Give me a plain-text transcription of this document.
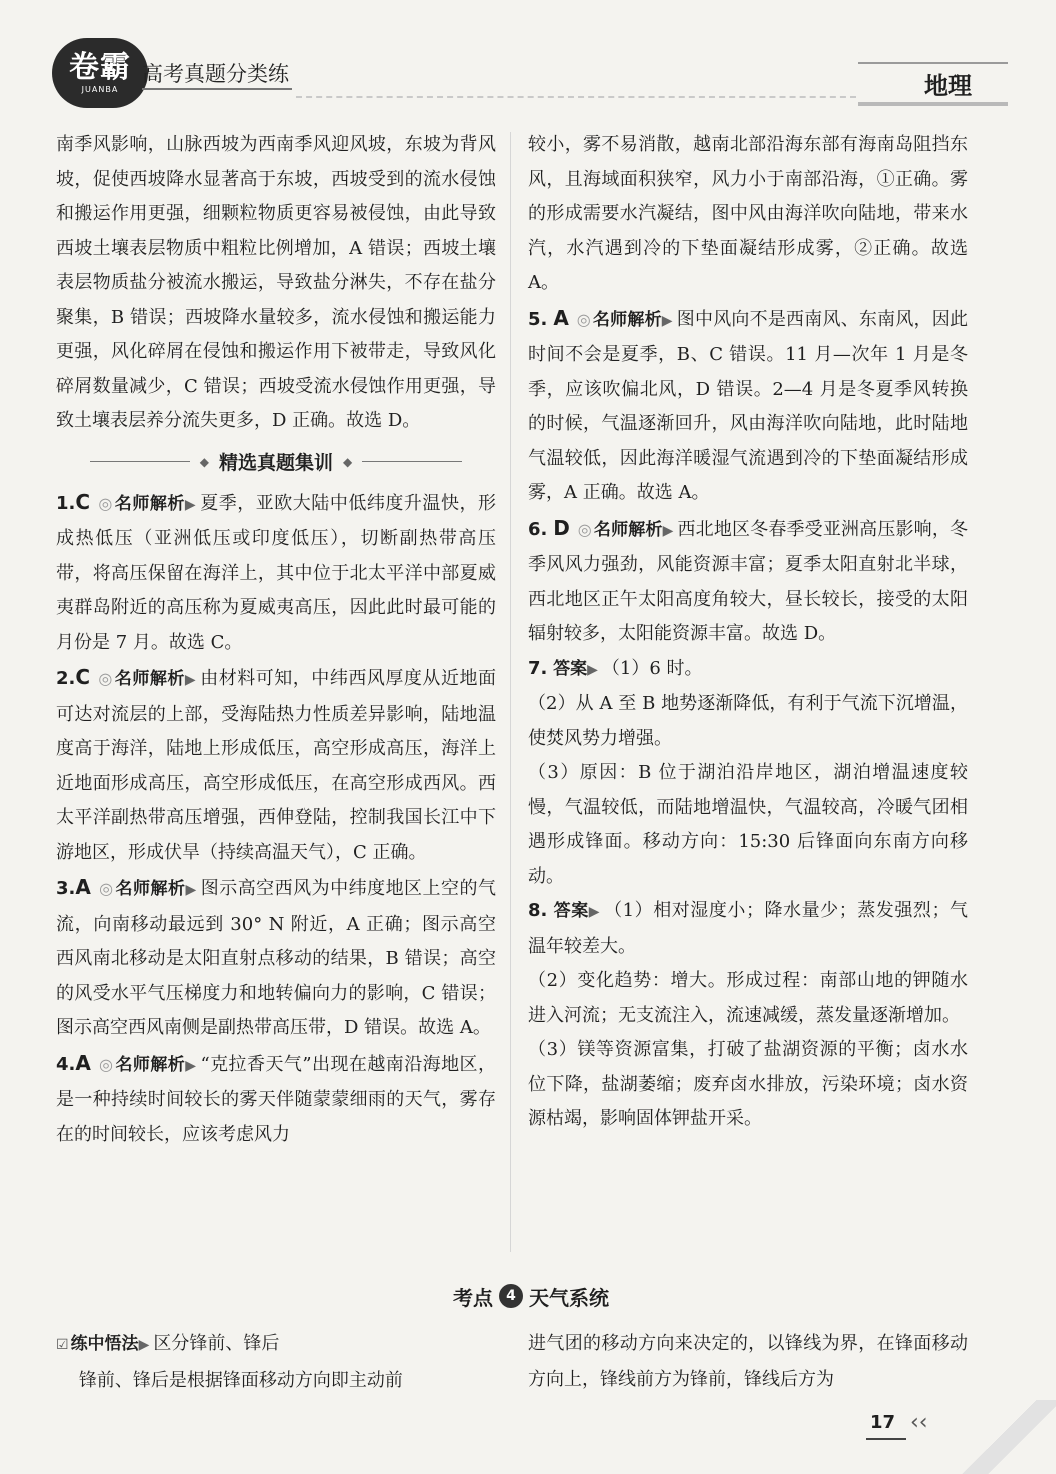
卷霸
JUANBA
高考真题分类练	地理

南季风影响，山脉西坡为西南季风迎风坡，东坡为背风坡，促使西坡降水显著高于东坡，西坡受到的流水侵蚀和搬运作用更强，细颗粒物质更容易被侵蚀，由此导致西坡土壤表层物质中粗粒比例增加，A 错误；西坡土壤表层物质盐分被流水搬运，导致盐分淋失，不存在盐分聚集，B 错误；西坡降水量较多，流水侵蚀和搬运能力更强，风化碎屑在侵蚀和搬运作用下被带走，导致风化碎屑数量减少，C 错误；西坡受流水侵蚀作用更强，导致土壤表层养分流失更多，D 正确。故选 D。

◆ 精选真题集训 ◆

1.C ◎ 名师解析▶ 夏季，亚欧大陆中低纬度升温快，形成热低压（亚洲低压或印度低压），切断副热带高压带，将高压保留在海洋上，其中位于北太平洋中部夏威夷群岛附近的高压称为夏威夷高压，因此此时最可能的月份是 7 月。故选 C。

2.C ◎ 名师解析▶ 由材料可知，中纬西风厚度从近地面可达对流层的上部，受海陆热力性质差异影响，陆地温度高于海洋，陆地上形成低压，高空形成高压，海洋上近地面形成高压，高空形成低压，在高空形成西风。西太平洋副热带高压增强，西伸登陆，控制我国长江中下游地区，形成伏旱（持续高温天气），C 正确。

3.A ◎ 名师解析▶ 图示高空西风为中纬度地区上空的气流，向南移动最远到 30° N 附近，A 正确；图示高空西风南北移动是太阳直射点移动的结果，B 错误；高空的风受水平气压梯度力和地转偏向力的影响，C 错误；图示高空西风南侧是副热带高压带，D 错误。故选 A。

4.A ◎ 名师解析▶ “克拉香天气”出现在越南沿海地区，是一种持续时间较长的雾天伴随蒙蒙细雨的天气，雾存在的时间较长，应该考虑风力

较小，雾不易消散，越南北部沿海东部有海南岛阻挡东风，且海域面积狭窄，风力小于南部沿海，①正确。雾的形成需要水汽凝结，图中风由海洋吹向陆地，带来水汽，水汽遇到冷的下垫面凝结形成雾，②正确。故选 A。

5. A ◎ 名师解析▶ 图中风向不是西南风、东南风，因此时间不会是夏季，B、C 错误。11 月—次年 1 月是冬季，应该吹偏北风，D 错误。2—4 月是冬夏季风转换的时候，气温逐渐回升，风由海洋吹向陆地，此时陆地气温较低，因此海洋暖湿气流遇到冷的下垫面凝结形成雾，A 正确。故选 A。

6. D ◎ 名师解析▶ 西北地区冬春季受亚洲高压影响，冬季风风力强劲，风能资源丰富；夏季太阳直射北半球，西北地区正午太阳高度角较大，昼长较长，接受的太阳辐射较多，太阳能资源丰富。故选 D。

7. 答案▶ （1）6 时。

（2）从 A 至 B 地势逐渐降低，有利于气流下沉增温，使焚风势力增强。

（3）原因：B 位于湖泊沿岸地区，湖泊增温速度较慢，气温较低，而陆地增温快，气温较高，冷暖气团相遇形成锋面。移动方向：15:30 后锋面向东南方向移动。

8. 答案▶ （1）相对湿度小；降水量少；蒸发强烈；气温年较差大。

（2）变化趋势：增大。形成过程：南部山地的钾随水进入河流；无支流注入，流速减缓，蒸发量逐渐增加。

（3）镁等资源富集，打破了盐湖资源的平衡；卤水水位下降，盐湖萎缩；废弃卤水排放，污染环境；卤水资源枯竭，影响固体钾盐开采。

考点 4 天气系统

☑ 练中悟法▶ 区分锋前、锋后

锋前、锋后是根据锋面移动方向即主动前

进气团的移动方向来决定的，以锋线为界，在锋面移动方向上，锋线前方为锋前，锋线后方为

17 ‹‹
